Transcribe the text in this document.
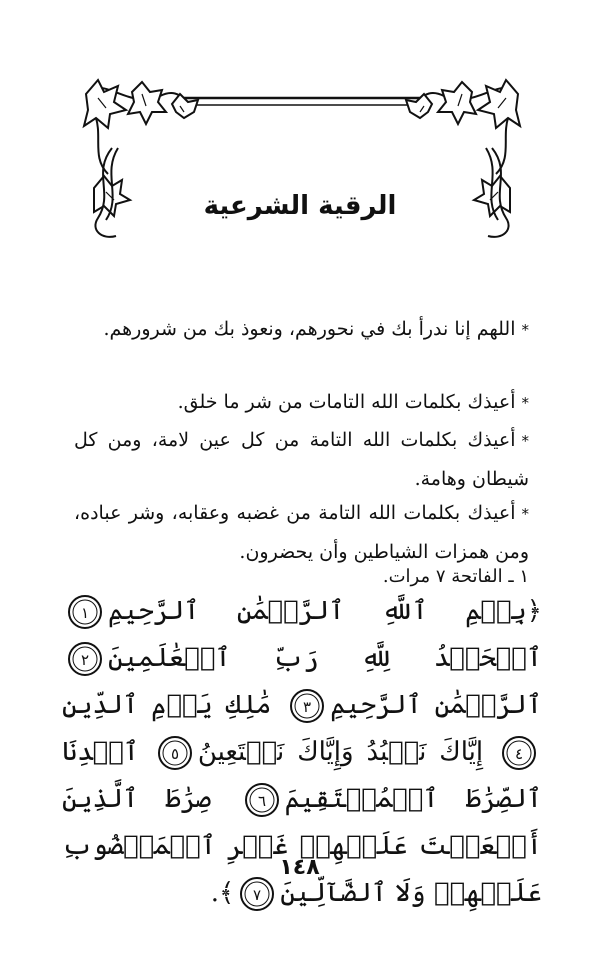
الرقية الشرعية
*اللهم إنا ندرأ بك في نحورهم، ونعوذ بك من شرورهم.
*أعيذك بكلمات الله التامات من شر ما خلق.
*أعيذك بكلمات الله التامة من كل عين لامة، ومن كل شيطان وهامة.
*أعيذك بكلمات الله التامة من غضبه وعقابه، وشر عباده، ومن همزات الشياطين وأن يحضرون.
١ ـ الفاتحة ٧ مرات.
﴿بِسۡمِ ٱللَّهِ ٱلرَّحۡمَٰنِ ٱلرَّحِيمِ
١
ٱلۡحَمۡدُ لِلَّهِ رَبِّ ٱلۡعَٰلَمِينَ
٢
ٱلرَّحۡمَٰنِ ٱلرَّحِيمِ
٣
مَٰلِكِ يَوۡمِ ٱلدِّينِ
٤
إِيَّاكَ نَعۡبُدُ وَإِيَّاكَ نَسۡتَعِينُ
٥
ٱهۡدِنَا ٱلصِّرَٰطَ ٱلۡمُسۡتَقِيمَ
٦
صِرَٰطَ ٱلَّذِينَ أَنۡعَمۡتَ عَلَيۡهِمۡ غَيۡرِ ٱلۡمَغۡضُوبِ عَلَيۡهِمۡ وَلَا ٱلضَّآلِّينَ
٧
﴾.
١٤٨
